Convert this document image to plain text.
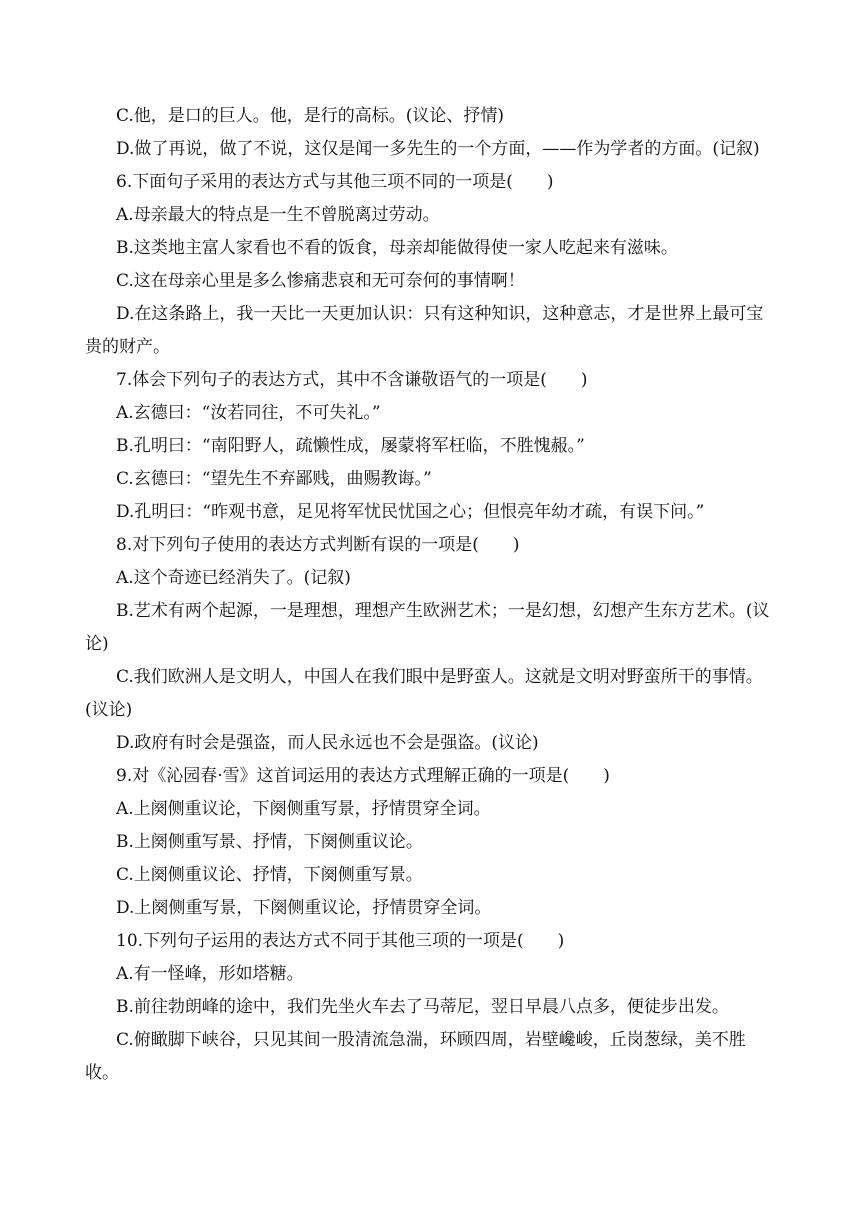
C.他，是口的巨人。他，是行的高标。(议论、抒情)
D.做了再说，做了不说，这仅是闻一多先生的一个方面，——作为学者的方面。(记叙)
6.下面句子采用的表达方式与其他三项不同的一项是(　　)
A.母亲最大的特点是一生不曾脱离过劳动。
B.这类地主富人家看也不看的饭食，母亲却能做得使一家人吃起来有滋味。
C.这在母亲心里是多么惨痛悲哀和无可奈何的事情啊！
D.在这条路上，我一天比一天更加认识：只有这种知识，这种意志，才是世界上最可宝
贵的财产。
7.体会下列句子的表达方式，其中不含谦敬语气的一项是(　　)
A.玄德曰：“汝若同往，不可失礼。”
B.孔明曰：“南阳野人，疏懒性成，屡蒙将军枉临，不胜愧赧。”
C.玄德曰：“望先生不弃鄙贱，曲赐教诲。”
D.孔明曰：“昨观书意，足见将军忧民忧国之心；但恨亮年幼才疏，有误下问。”
8.对下列句子使用的表达方式判断有误的一项是(　　)
A.这个奇迹已经消失了。(记叙)
B.艺术有两个起源，一是理想，理想产生欧洲艺术；一是幻想，幻想产生东方艺术。(议
论)
C.我们欧洲人是文明人，中国人在我们眼中是野蛮人。这就是文明对野蛮所干的事情。
(议论)
D.政府有时会是强盗，而人民永远也不会是强盗。(议论)
9.对《沁园春·雪》这首词运用的表达方式理解正确的一项是(　　)
A.上阕侧重议论，下阕侧重写景，抒情贯穿全词。
B.上阕侧重写景、抒情，下阕侧重议论。
C.上阕侧重议论、抒情，下阕侧重写景。
D.上阕侧重写景，下阕侧重议论，抒情贯穿全词。
10.下列句子运用的表达方式不同于其他三项的一项是(　　)
A.有一怪峰，形如塔糖。
B.前往勃朗峰的途中，我们先坐火车去了马蒂尼，翌日早晨八点多，便徒步出发。
C.俯瞰脚下峡谷，只见其间一股清流急湍，环顾四周，岩壁巉峻，丘岗葱绿，美不胜
收。
